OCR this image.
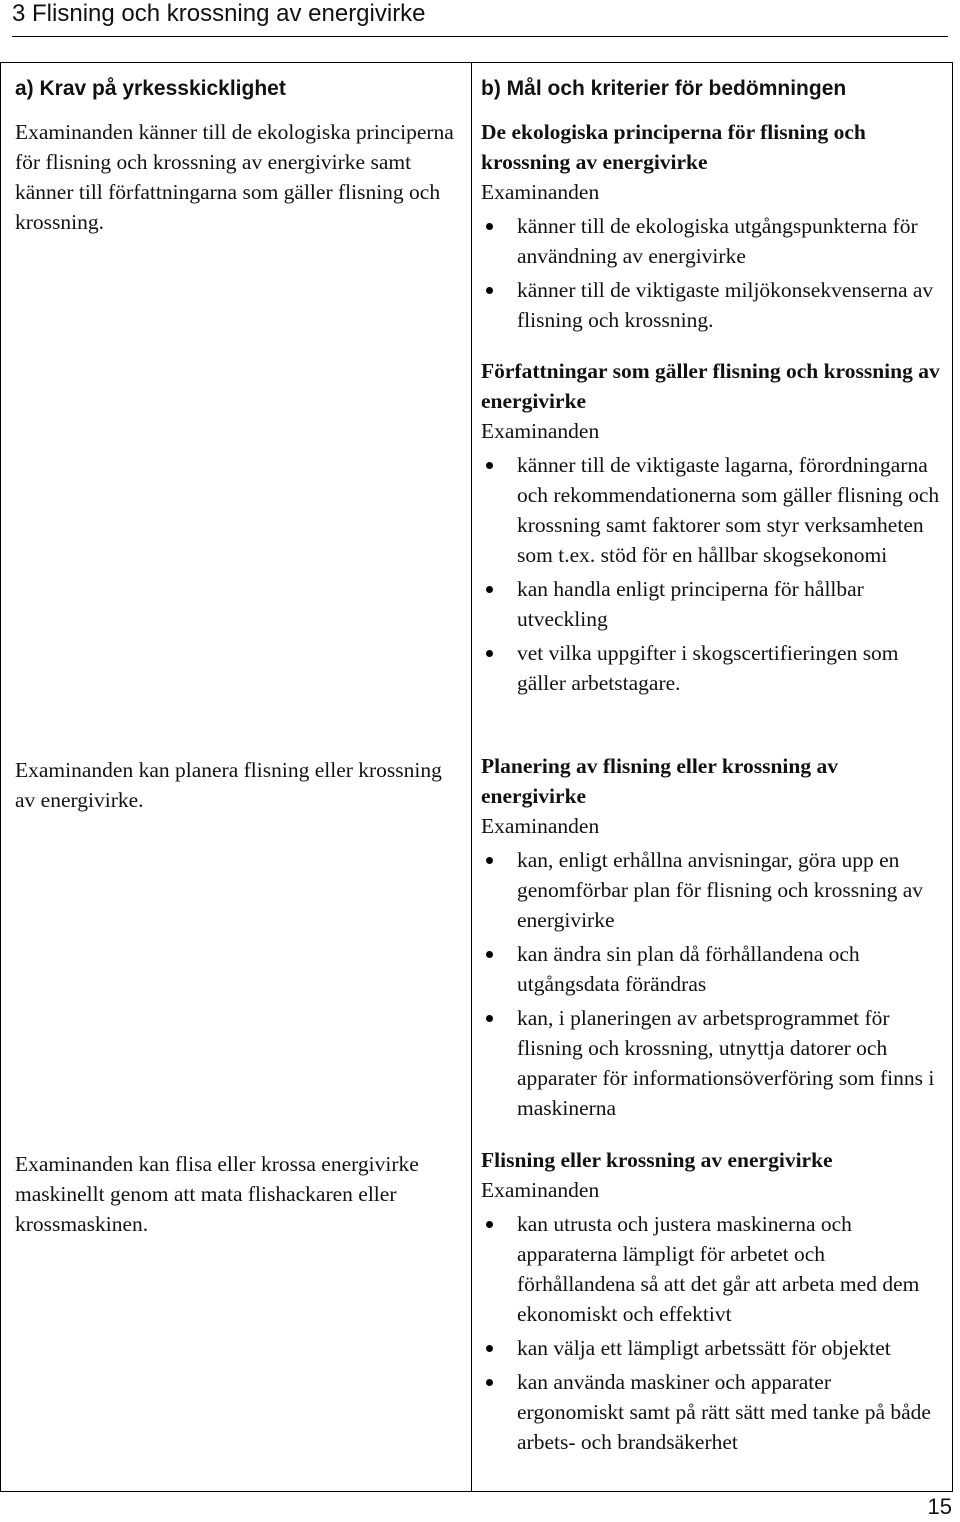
3 Flisning och krossning av energivirke
a) Krav på yrkesskicklighet	b) Mål och kriterier för bedömningen
Examinanden känner till de ekologiska principerna för flisning och krossning av energivirke samt känner till författningarna som gäller flisning och krossning.
Examinanden kan planera flisning eller krossning av energivirke.
Examinanden kan flisa eller krossa energivirke maskinellt genom att mata flishackaren eller krossmaskinen.
De ekologiska principerna för flisning och krossning av energivirke
Examinanden
känner till de ekologiska utgångspunkterna för användning av energivirke
känner till de viktigaste miljökonsekvenserna av flisning och krossning.
Författningar som gäller flisning och krossning av energivirke
Examinanden
känner till de viktigaste lagarna, förordningarna och rekommendationerna som gäller flisning och krossning samt faktorer som styr verksamheten som t.ex. stöd för en hållbar skogsekonomi
kan handla enligt principerna för hållbar utveckling
vet vilka uppgifter i skogscertifieringen som gäller arbetstagare.
Planering av flisning eller krossning av energivirke
Examinanden
kan, enligt erhållna anvisningar, göra upp en genomförbar plan för flisning och krossning av energivirke
kan ändra sin plan då förhållandena och utgångsdata förändras
kan, i planeringen av arbetsprogrammet för flisning och krossning, utnyttja datorer och apparater för informationsöverföring som finns i maskinerna
Flisning eller krossning av energivirke
Examinanden
kan utrusta och justera maskinerna och apparaterna lämpligt för arbetet och förhållandena så att det går att arbeta med dem ekonomiskt och effektivt
kan välja ett lämpligt arbetssätt för objektet
kan använda maskiner och apparater ergonomiskt samt på rätt sätt med tanke på både arbets- och brandsäkerhet
15
